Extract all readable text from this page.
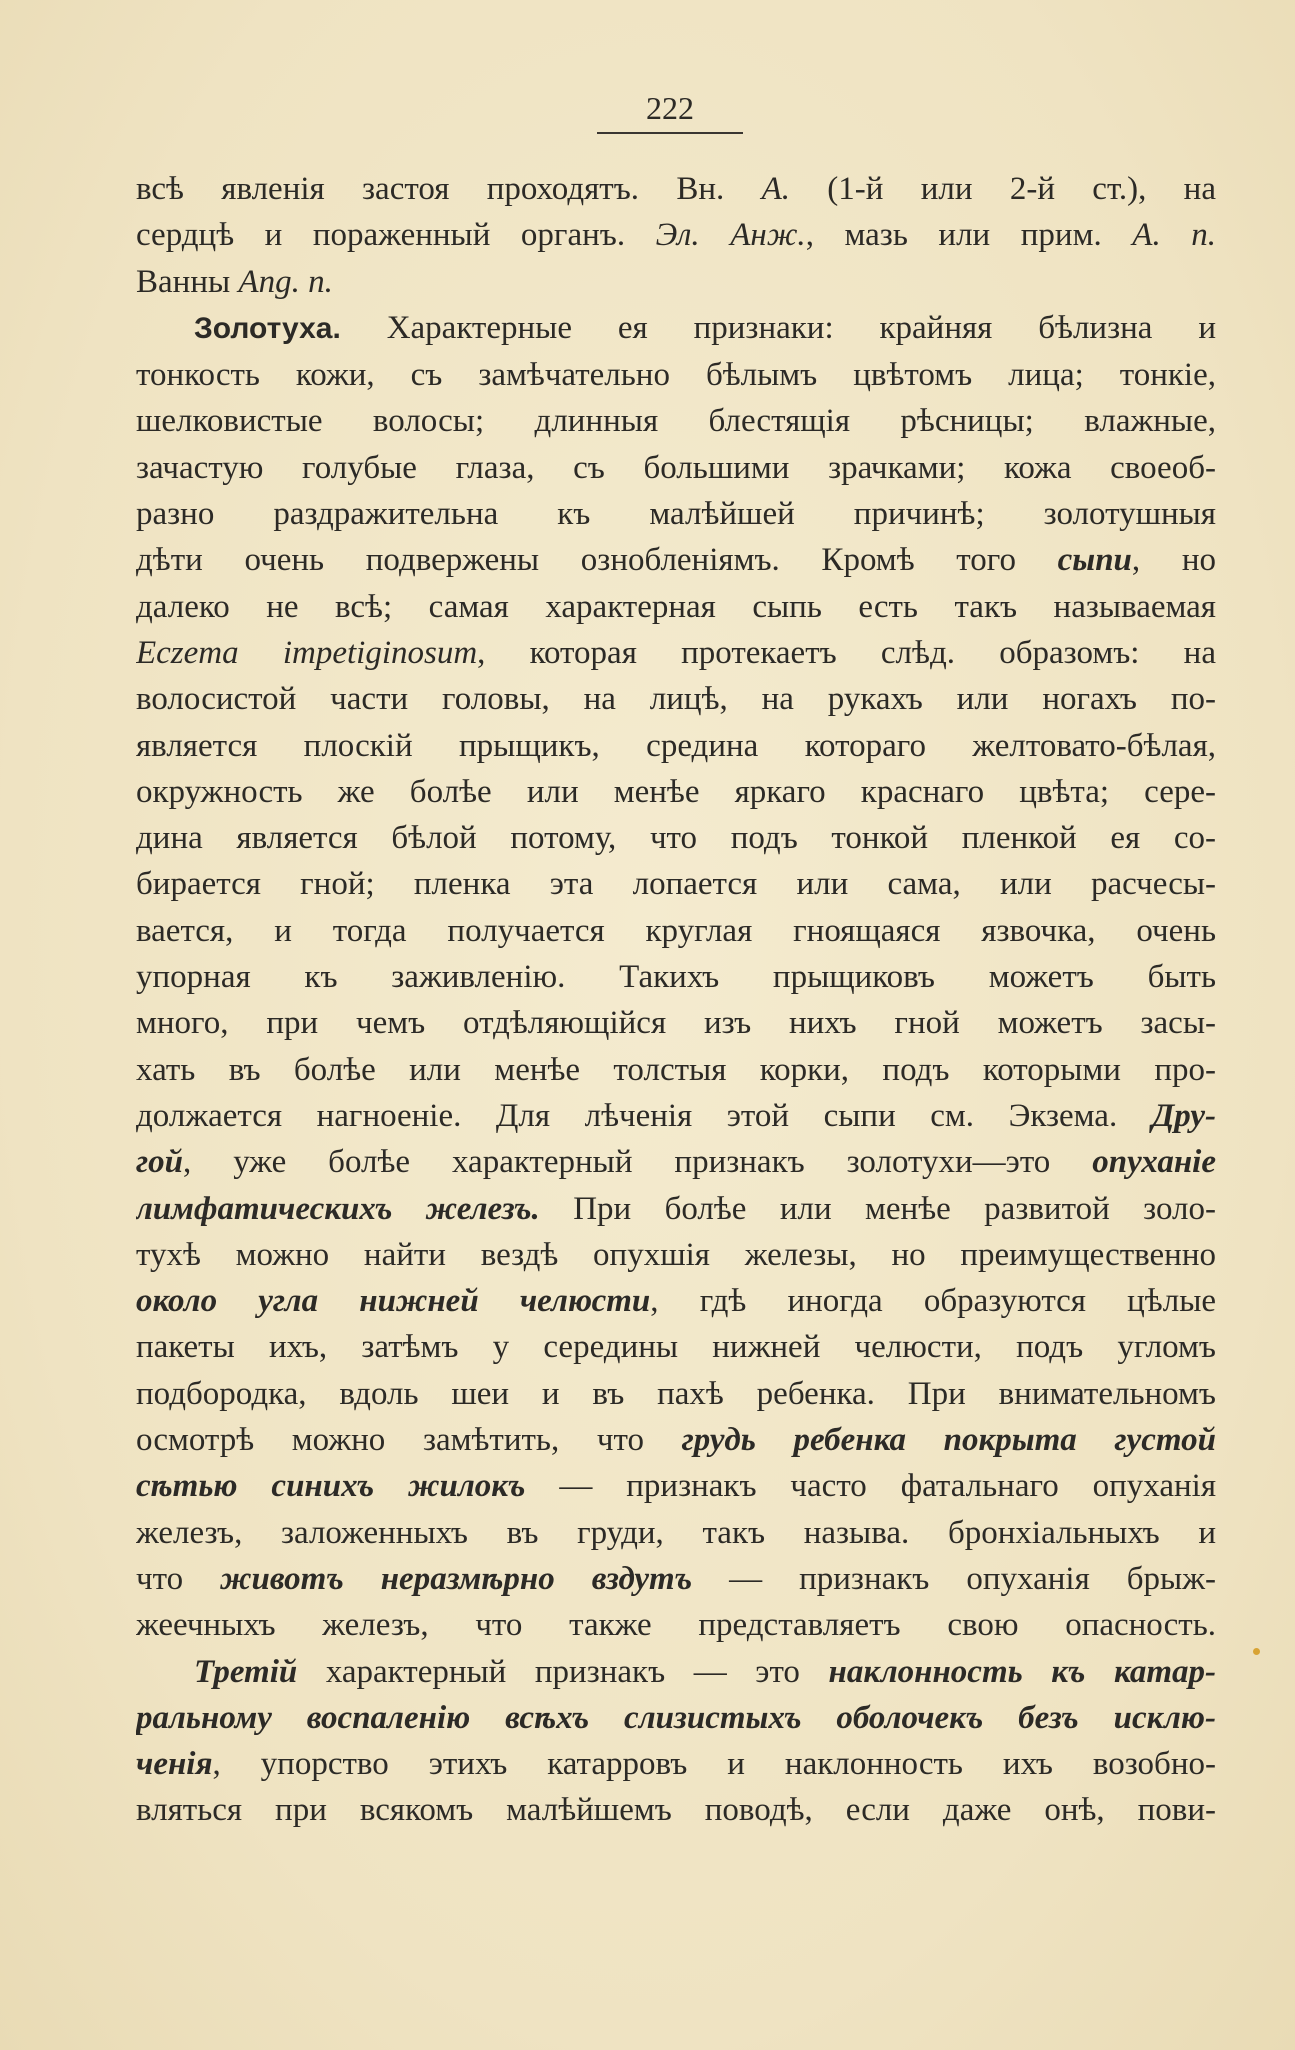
222
всѣ явленія застоя проходятъ. Вн. А. (1-й или 2-й ст.), на
сердцѣ и пораженный органъ. Эл. Анж., мазь или прим. А. п.
Ванны Ang. п.
Золотуха. Характерные ея признаки: крайняя бѣлизна и
тонкость кожи, съ замѣчательно бѣлымъ цвѣтомъ лица; тонкіе,
шелковистые волосы; длинныя блестящія рѣсницы; влажные,
зачастую голубые глаза, съ большими зрачками; кожа своеоб-
разно раздражительна къ малѣйшей причинѣ; золотушныя
дѣти очень подвержены ознобленіямъ. Кромѣ того сыпи, но
далеко не всѣ; самая характерная сыпь есть такъ называемая
Eczema impetiginosum, которая протекаетъ слѣд. образомъ: на
волосистой части головы, на лицѣ, на рукахъ или ногахъ по-
является плоскій прыщикъ, средина котораго желтовато-бѣлая,
окружность же болѣе или менѣе яркаго краснаго цвѣта; сере-
дина является бѣлой потому, что подъ тонкой пленкой ея со-
бирается гной; пленка эта лопается или сама, или расчесы-
вается, и тогда получается круглая гноящаяся язвочка, очень
упорная къ заживленію. Такихъ прыщиковъ можетъ быть
много, при чемъ отдѣляющійся изъ нихъ гной можетъ засы-
хать въ болѣе или менѣе толстыя корки, подъ которыми про-
должается нагноеніе. Для лѣченія этой сыпи см. Экзема. Дру-
гой, уже болѣе характерный признакъ золотухи—это опуханіе
лимфатическихъ железъ. При болѣе или менѣе развитой золо-
тухѣ можно найти вездѣ опухшія железы, но преимущественно
около угла нижней челюсти, гдѣ иногда образуются цѣлые
пакеты ихъ, затѣмъ у середины нижней челюсти, подъ угломъ
подбородка, вдоль шеи и въ пахѣ ребенка. При внимательномъ
осмотрѣ можно замѣтить, что грудь ребенка покрыта густой
сѣтью синихъ жилокъ — признакъ часто фатальнаго опуханія
железъ, заложенныхъ въ груди, такъ называ. бронхіальныхъ и
что животъ неразмѣрно вздутъ — признакъ опуханія брыж-
жеечныхъ железъ, что также представляетъ свою опасность.
Третій характерный признакъ — это наклонность къ катар-
ральному воспаленію всѣхъ слизистыхъ оболочекъ безъ исклю-
ченія, упорство этихъ катарровъ и наклонность ихъ возобно-
вляться при всякомъ малѣйшемъ поводѣ, если даже онѣ, пови-
